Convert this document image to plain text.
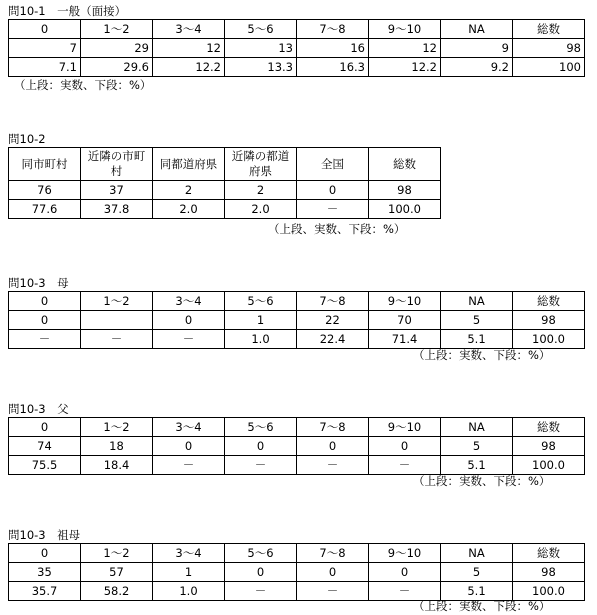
問10-1　一般（面接）
0	1～2	3～4	5～6	7～8	9～10	NA	総数
7	29	12	13	16	12	9	98
7.1	29.6	12.2	13.3	16.3	12.2	9.2	100
（上段：実数、下段：%）
問10-2
同市町村	近隣の市町村	同都道府県	近隣の都道府県	全国	総数
76	37	2	2	0	98
77.6	37.8	2.0	2.0	－	100.0
（上段、実数、下段：%）
問10-3　母
0	1～2	3～4	5～6	7～8	9～10	NA	総数
0		0	1	22	70	5	98
－	－	－	1.0	22.4	71.4	5.1	100.0
（上段：実数、下段：%）
問10-3　父
0	1～2	3～4	5～6	7～8	9～10	NA	総数
74	18	0	0	0	0	5	98
75.5	18.4	－	－	－	－	5.1	100.0
（上段：実数、下段：%）
問10-3　祖母
0	1～2	3～4	5～6	7～8	9～10	NA	総数
35	57	1	0	0	0	5	98
35.7	58.2	1.0	－	－	－	5.1	100.0
（上段：実数、下段：%）
